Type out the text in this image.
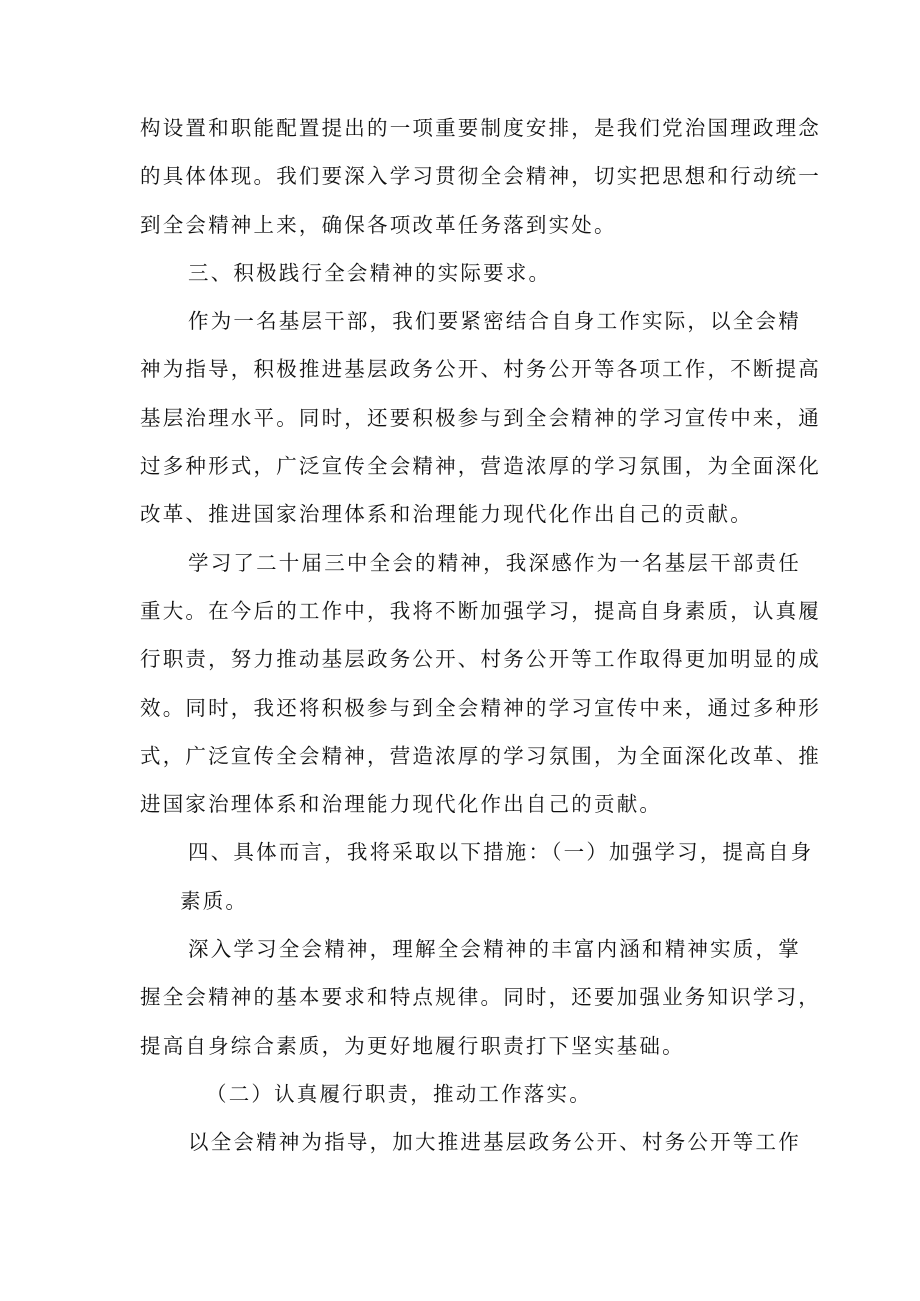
构设置和职能配置提出的一项重要制度安排，是我们党治国理政理念
的具体体现。我们要深入学习贯彻全会精神，切实把思想和行动统一
到全会精神上来，确保各项改革任务落到实处。
三、积极践行全会精神的实际要求。
作为一名基层干部，我们要紧密结合自身工作实际，以全会精
神为指导，积极推进基层政务公开、村务公开等各项工作，不断提高
基层治理水平。同时，还要积极参与到全会精神的学习宣传中来，通
过多种形式，广泛宣传全会精神，营造浓厚的学习氛围，为全面深化
改革、推进国家治理体系和治理能力现代化作出自己的贡献。
学习了二十届三中全会的精神，我深感作为一名基层干部责任
重大。在今后的工作中，我将不断加强学习，提高自身素质，认真履
行职责，努力推动基层政务公开、村务公开等工作取得更加明显的成
效。同时，我还将积极参与到全会精神的学习宣传中来，通过多种形
式，广泛宣传全会精神，营造浓厚的学习氛围，为全面深化改革、推
进国家治理体系和治理能力现代化作出自己的贡献。
四、具体而言，我将采取以下措施：（一）加强学习，提高自身
素质。
深入学习全会精神，理解全会精神的丰富内涵和精神实质，掌
握全会精神的基本要求和特点规律。同时，还要加强业务知识学习，
提高自身综合素质，为更好地履行职责打下坚实基础。
（二）认真履行职责，推动工作落实。
以全会精神为指导，加大推进基层政务公开、村务公开等工作
